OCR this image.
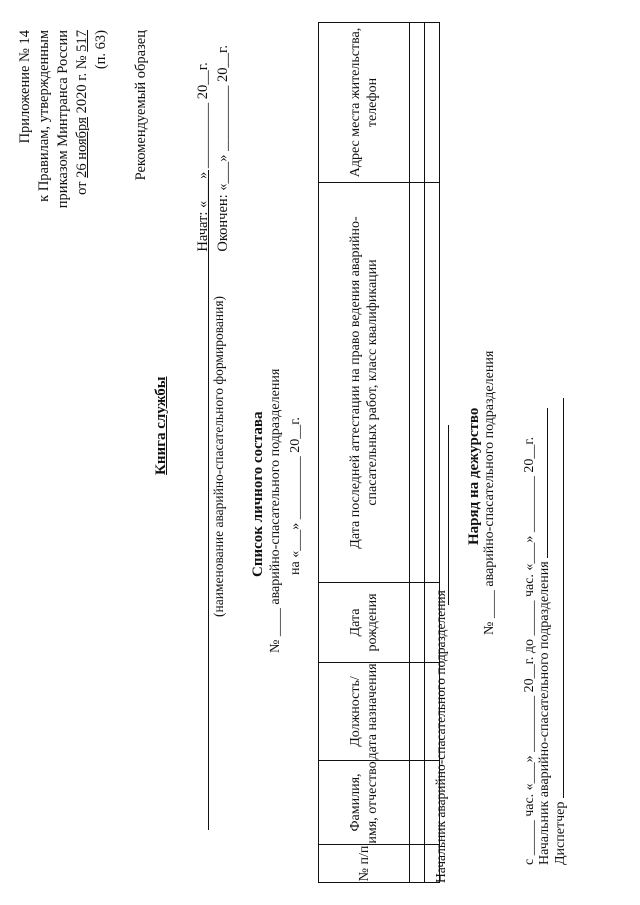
Приложение № 14 к Правилам, утвержденным приказом Минтранса России от 26 ноября 2020 г. № 517 (п. 63) Рекомендуемый образец
Книга службы
Начат: «___» _________ 20__г. Окончен: «___» _________ 20__г.
(наименование аварийно-спасательного формирования) Список личного состава № ____ аварийно-спасательного подразделения на «___» _________ 20__г.
№ п/п	Фамилия, имя, отчество	Должность/ дата назначения	Дата рождения	Дата последней аттестации на право ведения аварийно-спасательных работ, класс квалификации	Адрес места жительства, телефон

Начальник аварийно-спасательного подразделения
Наряд на дежурство № ____ аварийно-спасательного подразделения с _____ час. «___» ________ 20__г. до _____ час. «___» ________ 20__г. Начальник аварийно-спасательного подразделения Диспетчер
